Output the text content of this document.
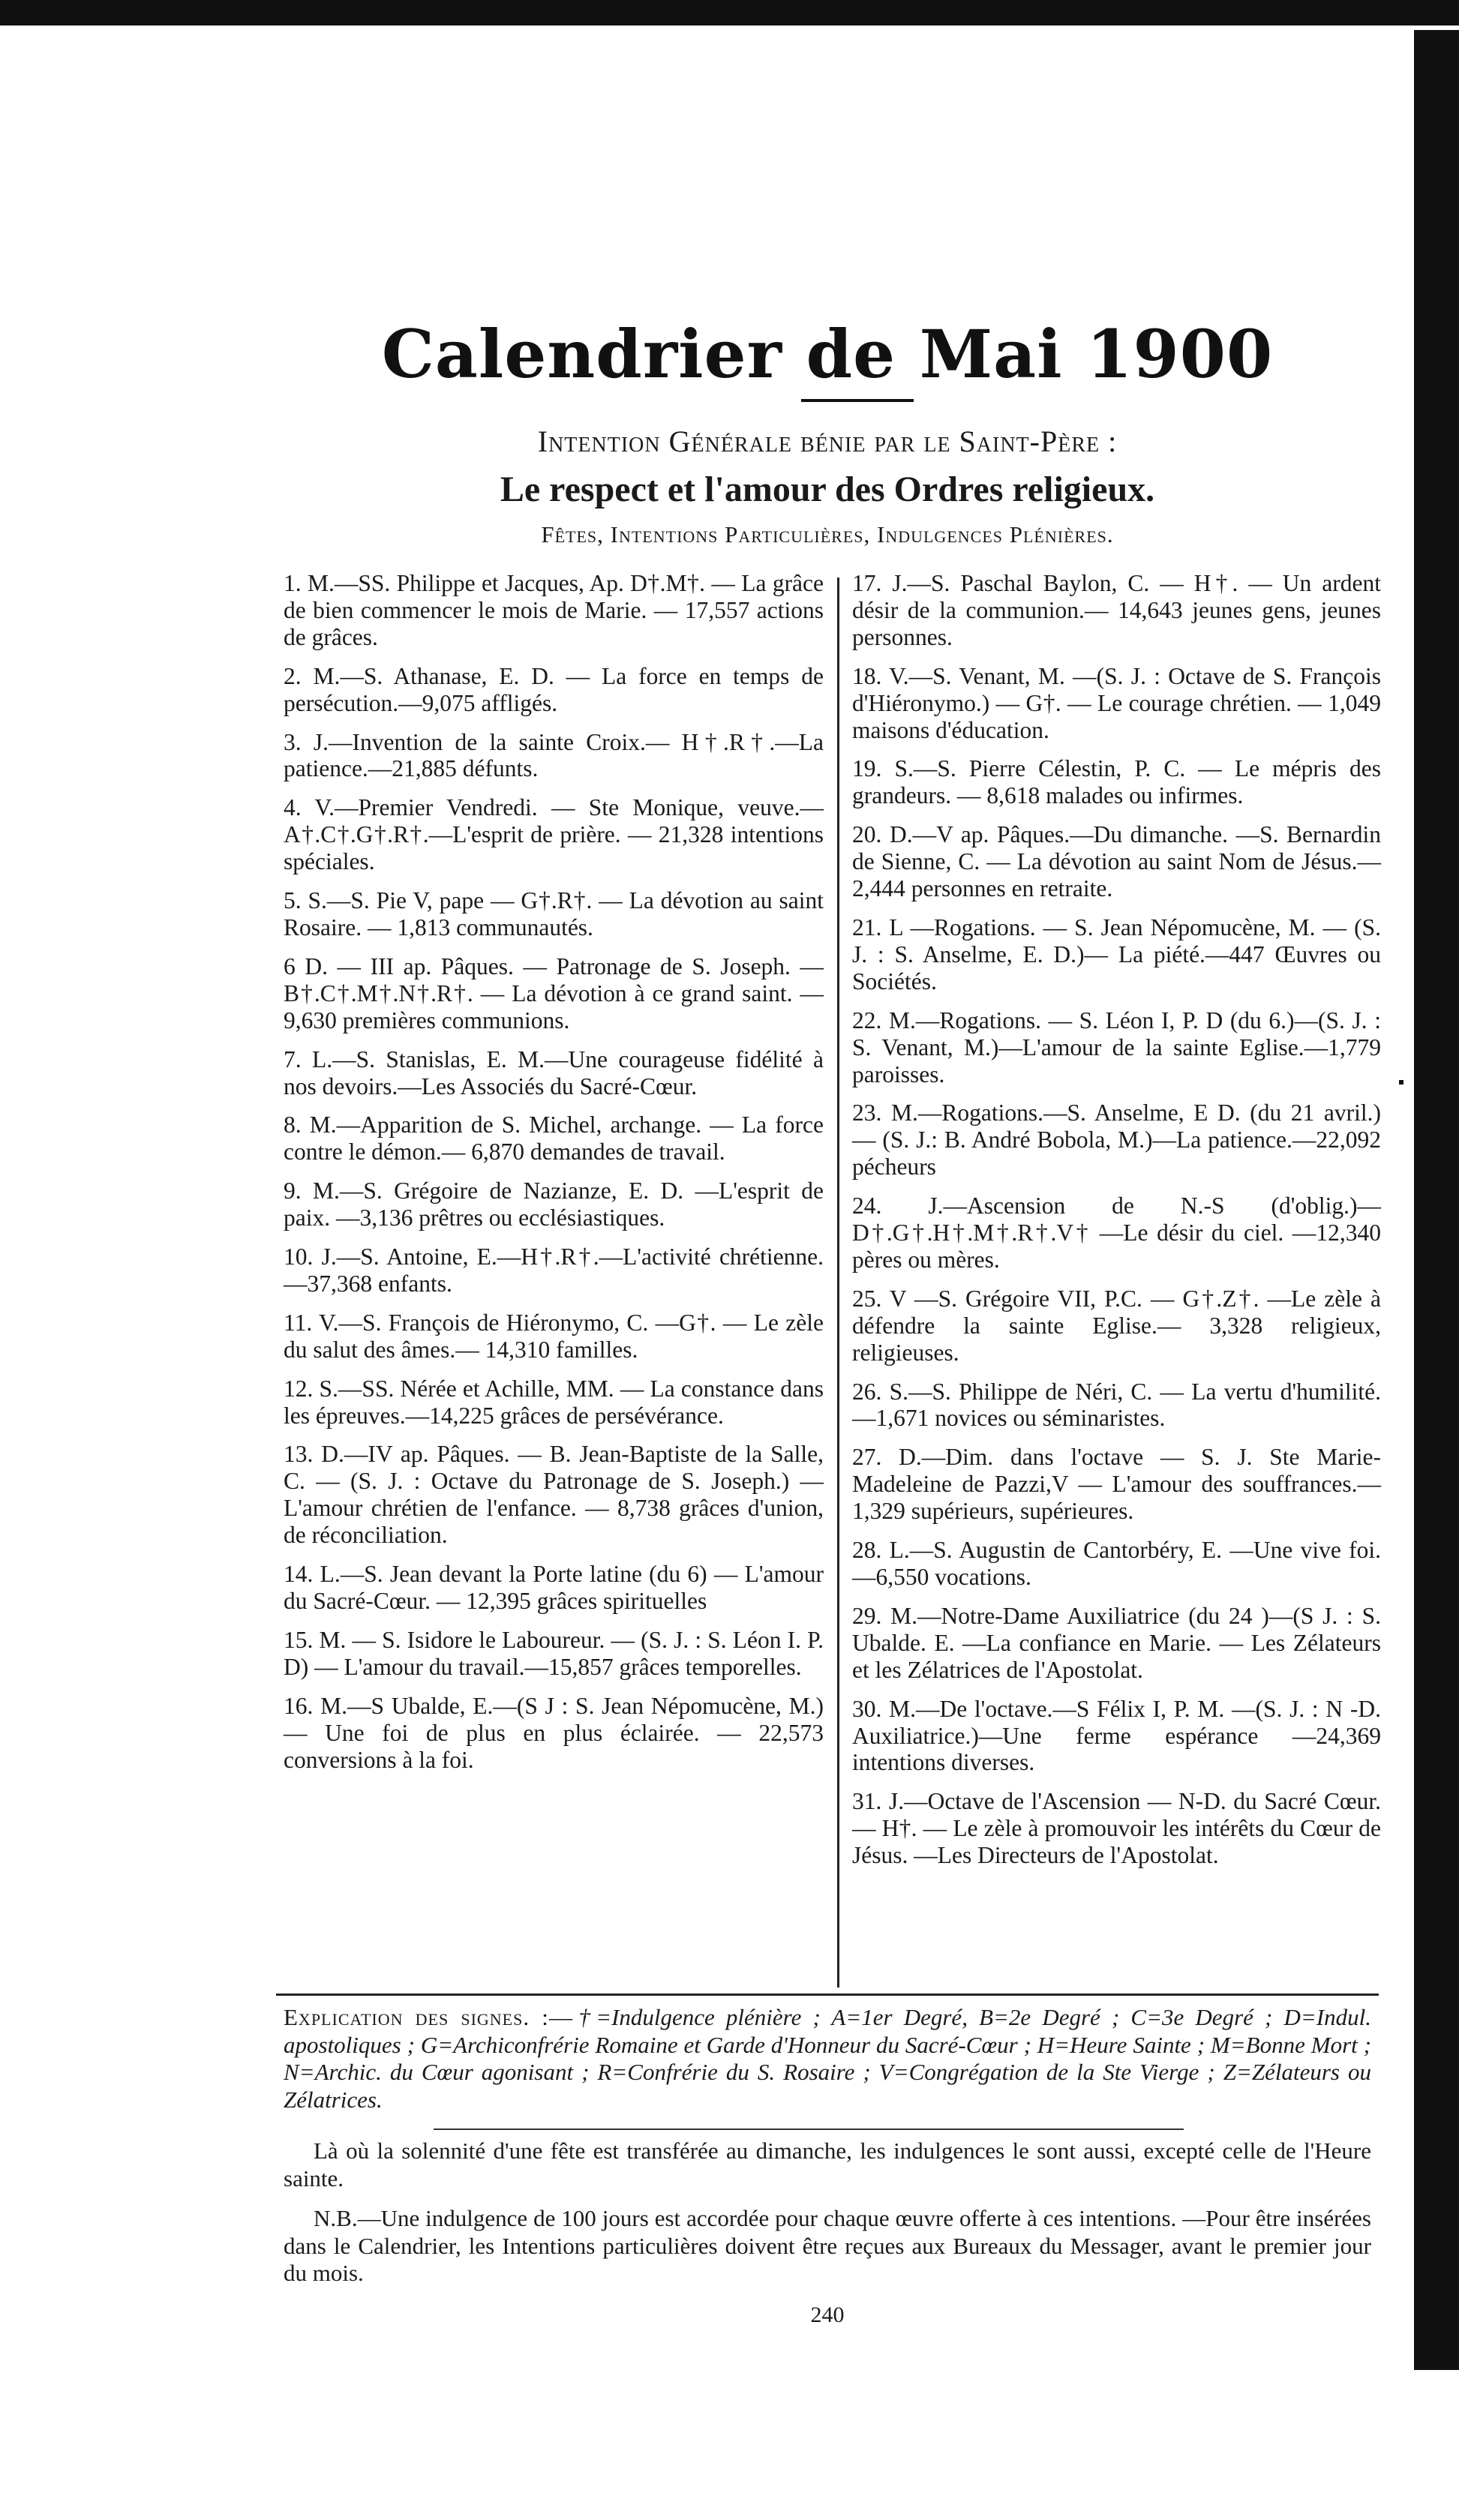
Calendrier de Mai 1900
Intention Générale bénie par le Saint-Père :
Le respect et l'amour des Ordres religieux.
Fêtes, Intentions Particulières, Indulgences Plénières.

1. M.—SS. Philippe et Jacques, Ap. D†.M†. — La grâce de bien commencer le mois de Marie. — 17,557 actions de grâces.

2. M.—S. Athanase, E. D. — La force en temps de persécution.—9,075 affligés.

3. J.—Invention de la sainte Croix.— H†.R†.—La patience.—21,885 défunts.

4. V.—Premier Vendredi. — Ste Monique, veuve.—A†.C†.G†.R†.—L'esprit de prière. — 21,328 intentions spéciales.

5. S.—S. Pie V, pape — G†.R†. — La dévotion au saint Rosaire. — 1,813 communautés.

6 D. — III ap. Pâques. — Patronage de S. Joseph. — B†.C†.M†.N†.R†. — La dévotion à ce grand saint. — 9,630 premières communions.

7. L.—S. Stanislas, E. M.—Une courageuse fidélité à nos devoirs.—Les Associés du Sacré-Cœur.

8. M.—Apparition de S. Michel, archange. — La force contre le démon.— 6,870 demandes de travail.

9. M.—S. Grégoire de Nazianze, E. D. —L'esprit de paix. —3,136 prêtres ou ecclésiastiques.

10. J.—S. Antoine, E.—H†.R†.—L'activité chrétienne.—37,368 enfants.

11. V.—S. François de Hiéronymo, C. —G†. — Le zèle du salut des âmes.— 14,310 familles.

12. S.—SS. Nérée et Achille, MM. — La constance dans les épreuves.—14,225 grâces de persévérance.

13. D.—IV ap. Pâques. — B. Jean-Baptiste de la Salle, C. — (S. J. : Octave du Patronage de S. Joseph.) — L'amour chrétien de l'enfance. — 8,738 grâces d'union, de réconciliation.

14. L.—S. Jean devant la Porte latine (du 6) — L'amour du Sacré-Cœur. — 12,395 grâces spirituelles

15. M. — S. Isidore le Laboureur. — (S. J. : S. Léon I. P. D) — L'amour du travail.—15,857 grâces temporelles.

16. M.—S Ubalde, E.—(S J : S. Jean Népomucène, M.) — Une foi de plus en plus éclairée. — 22,573 conversions à la foi.

17. J.—S. Paschal Baylon, C. — H†. — Un ardent désir de la communion.— 14,643 jeunes gens, jeunes personnes.

18. V.—S. Venant, M. —(S. J. : Octave de S. François d'Hiéronymo.) — G†. — Le courage chrétien. — 1,049 maisons d'éducation.

19. S.—S. Pierre Célestin, P. C. — Le mépris des grandeurs. — 8,618 malades ou infirmes.

20. D.—V ap. Pâques.—Du dimanche. —S. Bernardin de Sienne, C. — La dévotion au saint Nom de Jésus.—2,444 personnes en retraite.

21. L —Rogations. — S. Jean Népomucène, M. — (S. J. : S. Anselme, E. D.)— La piété.—447 Œuvres ou Sociétés.

22. M.—Rogations. — S. Léon I, P. D (du 6.)—(S. J. : S. Venant, M.)—L'amour de la sainte Eglise.—1,779 paroisses.

23. M.—Rogations.—S. Anselme, E D. (du 21 avril.) — (S. J.: B. André Bobola, M.)—La patience.—22,092 pécheurs

24. J.—Ascension de N.-S (d'oblig.)— D†.G†.H†.M†.R†.V† —Le désir du ciel. —12,340 pères ou mères.

25. V —S. Grégoire VII, P.C. — G†.Z†. —Le zèle à défendre la sainte Eglise.— 3,328 religieux, religieuses.

26. S.—S. Philippe de Néri, C. — La vertu d'humilité.—1,671 novices ou séminaristes.

27. D.—Dim. dans l'octave — S. J. Ste Marie-Madeleine de Pazzi,V — L'amour des souffrances.—1,329 supérieurs, supérieures.

28. L.—S. Augustin de Cantorbéry, E. —Une vive foi.—6,550 vocations.

29. M.—Notre-Dame Auxiliatrice (du 24 )—(S J. : S. Ubalde. E. —La confiance en Marie. — Les Zélateurs et les Zélatrices de l'Apostolat.

30. M.—De l'octave.—S Félix I, P. M. —(S. J. : N -D. Auxiliatrice.)—Une ferme espérance —24,369 intentions diverses.

31. J.—Octave de l'Ascension — N-D. du Sacré Cœur. — H†. — Le zèle à promouvoir les intérêts du Cœur de Jésus. —Les Directeurs de l'Apostolat.

Explication des signes. :—†=Indulgence plénière ; A=1er Degré, B=2e Degré ; C=3e Degré ; D=Indul. apostoliques ; G=Archiconfrérie Romaine et Garde d'Honneur du Sacré-Cœur ; H=Heure Sainte ; M=Bonne Mort ; N=Archic. du Cœur agonisant ; R=Confrérie du S. Rosaire ; V=Congrégation de la Ste Vierge ; Z=Zélateurs ou Zélatrices.

Là où la solennité d'une fête est transférée au dimanche, les indulgences le sont aussi, excepté celle de l'Heure sainte.

N.B.—Une indulgence de 100 jours est accordée pour chaque œuvre offerte à ces intentions. —Pour être insérées dans le Calendrier, les Intentions particulières doivent être reçues aux Bureaux du Messager, avant le premier jour du mois.

240
